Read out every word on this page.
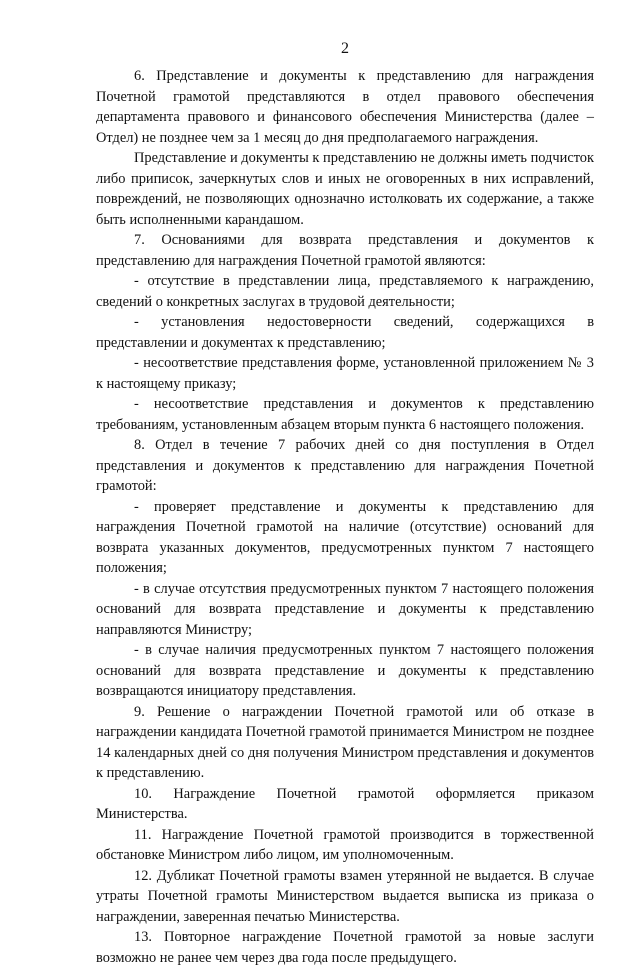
2

6. Представление и документы к представлению для награждения Почетной грамотой представляются в отдел правового обеспечения департамента правового и финансового обеспечения Министерства (далее – Отдел) не позднее чем за 1 месяц до дня предполагаемого награждения.

Представление и документы к представлению не должны иметь подчисток либо приписок, зачеркнутых слов и иных не оговоренных в них исправлений, повреждений, не позволяющих однозначно истолковать их содержание, а также быть исполненными карандашом.

7. Основаниями для возврата представления и документов к представлению для награждения Почетной грамотой являются:

- отсутствие в представлении лица, представляемого к награждению, сведений о конкретных заслугах в трудовой деятельности;

- установления недостоверности сведений, содержащихся в представлении и документах к представлению;

- несоответствие представления форме, установленной приложением № 3 к настоящему приказу;

- несоответствие представления и документов к представлению требованиям, установленным абзацем вторым пункта 6 настоящего положения.

8. Отдел в течение 7 рабочих дней со дня поступления в Отдел представления и документов к представлению для награждения Почетной грамотой:

- проверяет представление и документы к представлению для награждения Почетной грамотой на наличие (отсутствие) оснований для возврата указанных документов, предусмотренных пунктом 7 настоящего положения;

- в случае отсутствия предусмотренных пунктом 7 настоящего положения оснований для возврата представление и документы к представлению направляются Министру;

- в случае наличия предусмотренных пунктом 7 настоящего положения оснований для возврата представление и документы к представлению возвращаются инициатору представления.

9. Решение о награждении Почетной грамотой или об отказе в награждении кандидата Почетной грамотой принимается Министром не позднее 14 календарных дней со дня получения Министром представления и документов к представлению.

10. Награждение Почетной грамотой оформляется приказом Министерства.

11. Награждение Почетной грамотой производится в торжественной обстановке Министром либо лицом, им уполномоченным.

12. Дубликат Почетной грамоты взамен утерянной не выдается. В случае утраты Почетной грамоты Министерством выдается выписка из приказа о награждении, заверенная печатью Министерства.

13. Повторное награждение Почетной грамотой за новые заслуги возможно не ранее чем через два года после предыдущего.
